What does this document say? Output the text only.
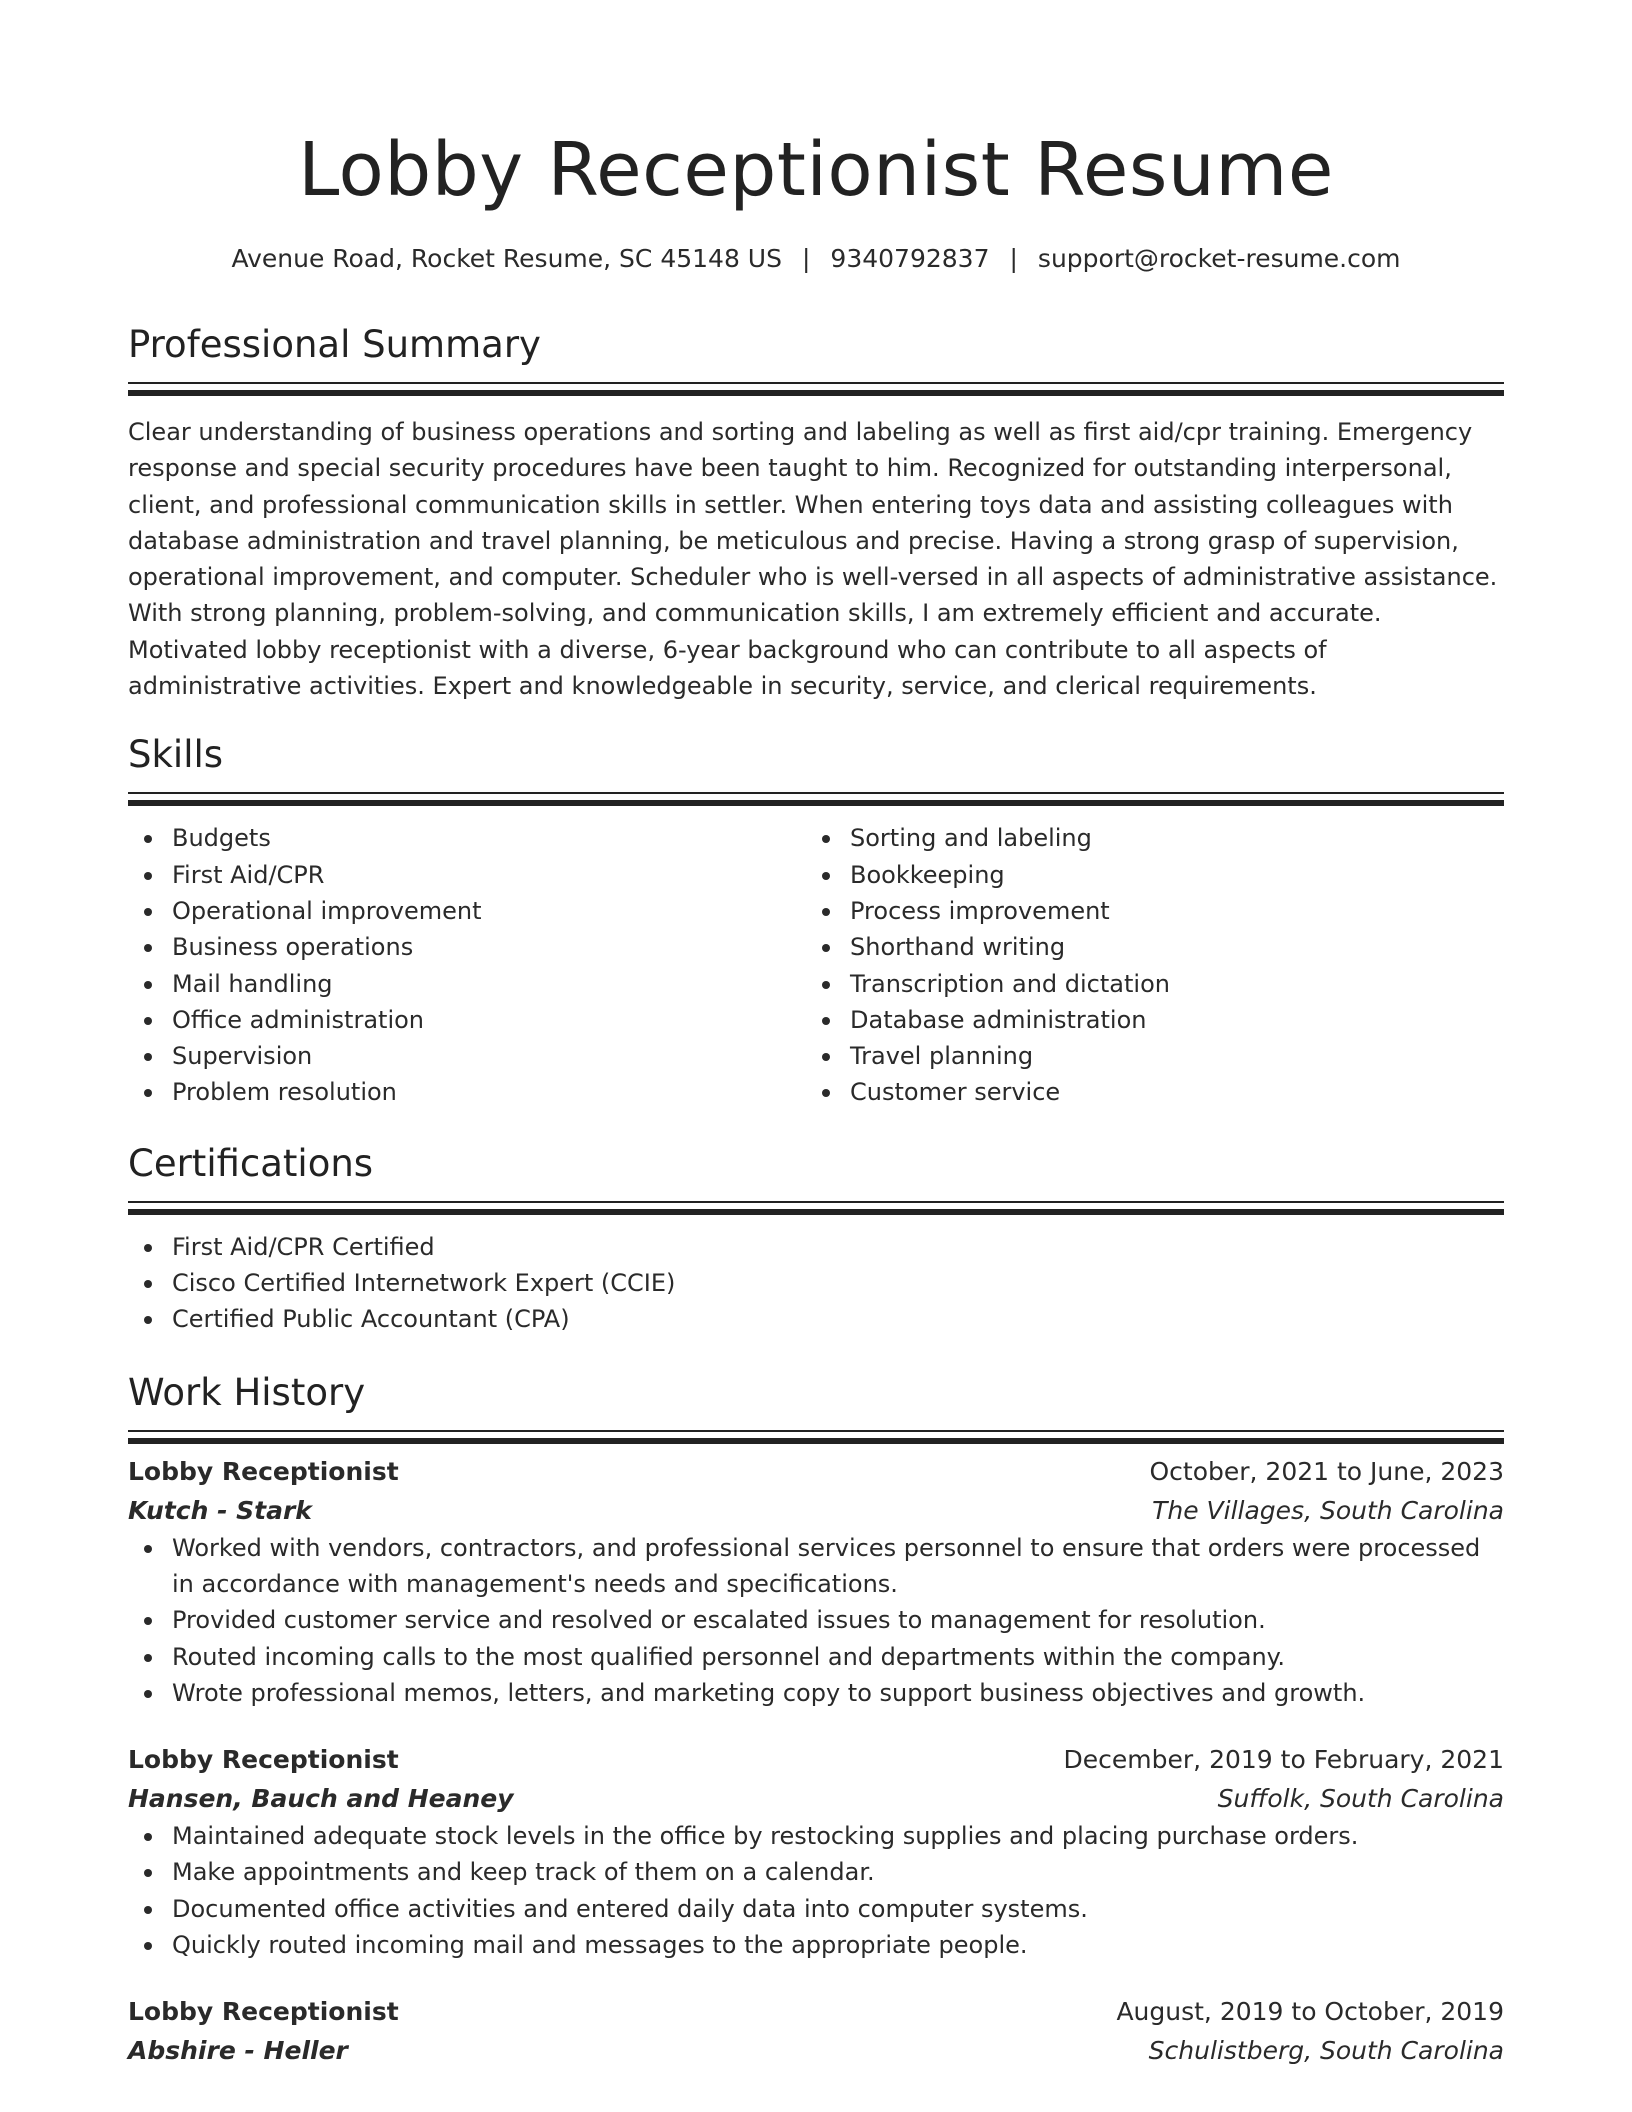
Lobby Receptionist Resume
Avenue Road, Rocket Resume, SC 45148 US | 9340792837 | support@rocket-resume.com
Professional Summary

Clear understanding of business operations and sorting and labeling as well as first aid/cpr training. Emergency response and special security procedures have been taught to him. Recognized for outstanding interpersonal, client, and professional communication skills in settler. When entering toys data and assisting colleagues with database administration and travel planning, be meticulous and precise. Having a strong grasp of supervision, operational improvement, and computer. Scheduler who is well-versed in all aspects of administrative assistance. With strong planning, problem-solving, and communication skills, I am extremely efficient and accurate. Motivated lobby receptionist with a diverse, 6-year background who can contribute to all aspects of administrative activities. Expert and knowledgeable in security, service, and clerical requirements.

Skills
Budgets
First Aid/CPR
Operational improvement
Business operations
Mail handling
Office administration
Supervision
Problem resolution
Sorting and labeling
Bookkeeping
Process improvement
Shorthand writing
Transcription and dictation
Database administration
Travel planning
Customer service
Certifications
First Aid/CPR Certified
Cisco Certified Internetwork Expert (CCIE)
Certified Public Accountant (CPA)
Work History
Lobby Receptionist	October, 2021 to June, 2023
Kutch - Stark	The Villages, South Carolina
Worked with vendors, contractors, and professional services personnel to ensure that orders were processed in accordance with management's needs and specifications.
Provided customer service and resolved or escalated issues to management for resolution.
Routed incoming calls to the most qualified personnel and departments within the company.
Wrote professional memos, letters, and marketing copy to support business objectives and growth.
Lobby Receptionist	December, 2019 to February, 2021
Hansen, Bauch and Heaney	Suffolk, South Carolina
Maintained adequate stock levels in the office by restocking supplies and placing purchase orders.
Make appointments and keep track of them on a calendar.
Documented office activities and entered daily data into computer systems.
Quickly routed incoming mail and messages to the appropriate people.
Lobby Receptionist	August, 2019 to October, 2019
Abshire - Heller	Schulistberg, South Carolina
